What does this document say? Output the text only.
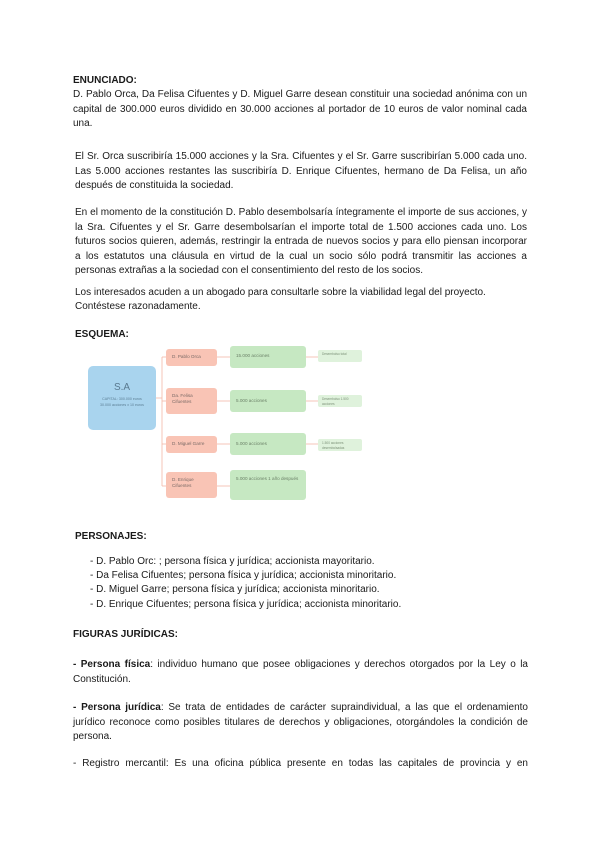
ENUNCIADO:

D. Pablo Orca, Da Felisa Cifuentes y D. Miguel Garre desean constituir una sociedad anónima con un capital de 300.000 euros dividido en 30.000 acciones al portador de 10 euros de valor nominal cada una.

El Sr. Orca suscribiría 15.000 acciones y la Sra. Cifuentes y el Sr. Garre suscribirían 5.000 cada uno. Las 5.000 acciones restantes las suscribiría D. Enrique Cifuentes, hermano de Da Felisa, un año después de constituida la sociedad.

En el momento de la constitución D. Pablo desembolsaría íntegramente el importe de sus acciones, y la Sra. Cifuentes y el Sr. Garre desembolsarían el importe total de 1.500 acciones cada uno. Los futuros socios quieren, además, restringir la entrada de nuevos socios y para ello piensan incorporar a los estatutos una cláusula en virtud de la cual un socio sólo podrá transmitir las acciones a personas extrañas a la sociedad con el consentimiento del resto de los socios.

Los interesados acuden a un abogado para consultarle sobre la viabilidad legal del proyecto.

Contéstese razonadamente.

ESQUEMA:

S.A
CAPITAL: 300.000 euros
30.000 acciones x 10 euros
D. Pablo Orca	15.000 acciones	Desembolso total
Da. Felisa Cifuentes	5.000 acciones	Desembolso 1.500 acciones
D. Miguel Garre	5.000 acciones	1.500 acciones desembolsadas
D. Enrique Cifuentes
5.000 acciones 1 año después

PERSONAJES:

- D. Pablo Orc: ; persona física y jurídica; accionista mayoritario.
- Da Felisa Cifuentes; persona física y jurídica; accionista minoritario.
- D. Miguel Garre; persona física y jurídica; accionista minoritario.
- D. Enrique Cifuentes; persona física y jurídica; accionista minoritario.

FIGURAS JURÍDICAS:

- Persona física: individuo humano que posee obligaciones y derechos otorgados por la Ley o la Constitución.

- Persona jurídica: Se trata de entidades de carácter supraindividual, a las que el ordenamiento jurídico reconoce como posibles titulares de derechos y obligaciones, otorgándoles la condición de persona.

- Registro mercantil: Es una oficina pública presente en todas las capitales de provincia y en
